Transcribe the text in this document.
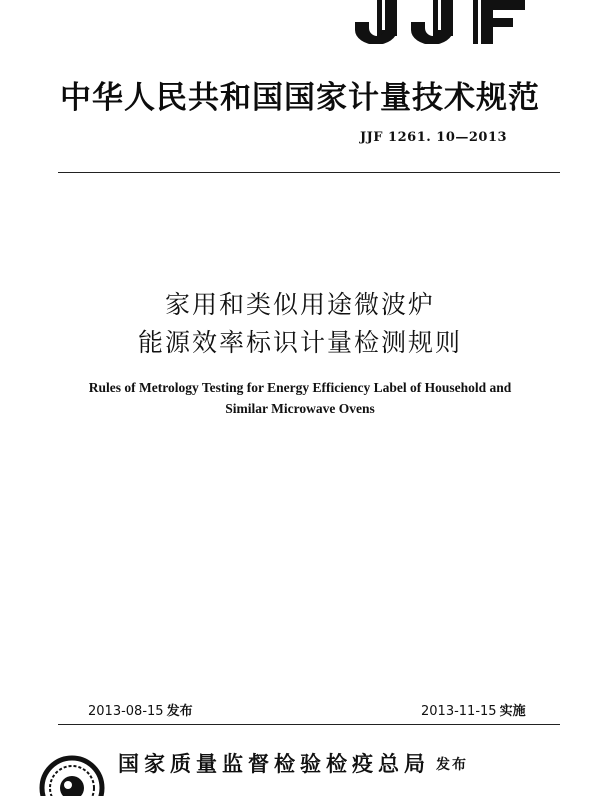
中华人民共和国国家计量技术规范
JJF 1261. 10—2013
家用和类似用途微波炉
能源效率标识计量检测规则
Rules of Metrology Testing for Energy Efficiency Label of Household and
Similar Microwave Ovens
2013-08-15 发布	2013-11-15 实施
国家质量监督检验检疫总局 发布
